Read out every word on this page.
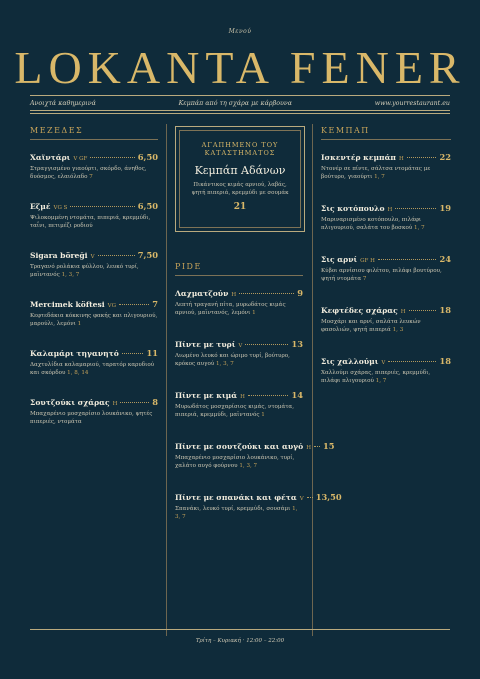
Μενού
LOKANTA FENER
Ανοιχτά καθημερινά	Κεμπάπ από τη σχάρα με κάρβουνα	www.yourrestaurant.eu
ΜΕΖΕΔΕΣ
Χαϊντάρι V GF	6,50
Στραγγισμένο γιαούρτι, σκόρδο, άνηθος, δυόσμος, ελαιόλαδο 7
Εζμέ VG S	6,50
Ψιλοκομμένη ντομάτα, πιπεριά, κρεμμύδι, ταΐνι, πετιμέζι ροδιού
Sigara böreği V	7,50
Τραγανό ρολάκια φύλλου, λευκό τυρί, μαϊντανός 1, 3, 7
Mercimek köftesi VG	7
Κεφτεδάκια κόκκινης φακής και πλιγουριού, μαρούλι, λεμόνι 1
Καλαμάρι τηγανητό	11
Δαχτυλίδια καλαμαριού, ταρατόρ καρυδιού και σκόρδου 1, 8, 14
Σουτζούκι σχάρας H	8
Μπαχαρένιο μοσχαρίσιο λουκάνικο, ψητές πιπεριές, ντομάτα
ΑΓΑΠΗΜΕΝΟ ΤΟΥ ΚΑΤΑΣΤΗΜΑΤΟΣ
Κεμπάπ Αδάνων
Πικάντικος κιμάς αρνιού, λαβάς, ψητή πιπεριά, κρεμμύδι με σουμάκ
21
PIDE
Λαχματζούν H	9
Λεπτή τραγανή πίτα, μυρωδάτος κιμάς αρνιού, μαϊντανός, λεμόνι 1
Πίντε με τυρί V	13
Λιωμένο λευκό και ώριμο τυρί, βούτυρο, κρόκος αυγού 1, 3, 7
Πίντε με κιμά H	14
Μυρωδάτος μοσχαρίσιος κιμάς, ντομάτα, πιπεριά, κρεμμύδι, μαϊντανός 1
Πίντε με σουτζούκι και αυγό H 15
Μπαχαρένιο μοσχαρίσιο λουκάνικο, τυρί, χαλάτο αυγό φούρνου 1, 3, 7
Πίντε με σπανάκι και φέτα V 13,50
Σπανάκι, λευκό τυρί, κρεμμύδι, σουσάμι 1, 3, 7
ΚΕΜΠΑΠ
Ισκεντέρ κεμπάπ H	22
Ντονέρ σε πίντε, σάλτσα ντομάτας με βούτυρο, γιαούρτι 1, 7
Σις κοτόπουλο H	19
Μαριναρισμένο κοτόπουλο, πιλάφι πλιγουριού, σαλάτα του βοσκού 1, 7
Σις αρνί GF H	24
Κύβοι αρνίσιου φιλέτου, πιλάφι βουτύρου, ψητή ντομάτα 7
Κεφτέδες σχάρας H	18
Μοσχάρι και αρνί, σαλάτα λευκών φασολιών, ψητή πιπεριά 1, 3
Σις χαλλούμι V	18
Χαλλούμι σχάρας, πιπεριές, κρεμμύδι, πιλάφι πλιγουριού 1, 7
Τρίτη – Κυριακή · 12:00 – 22:00
